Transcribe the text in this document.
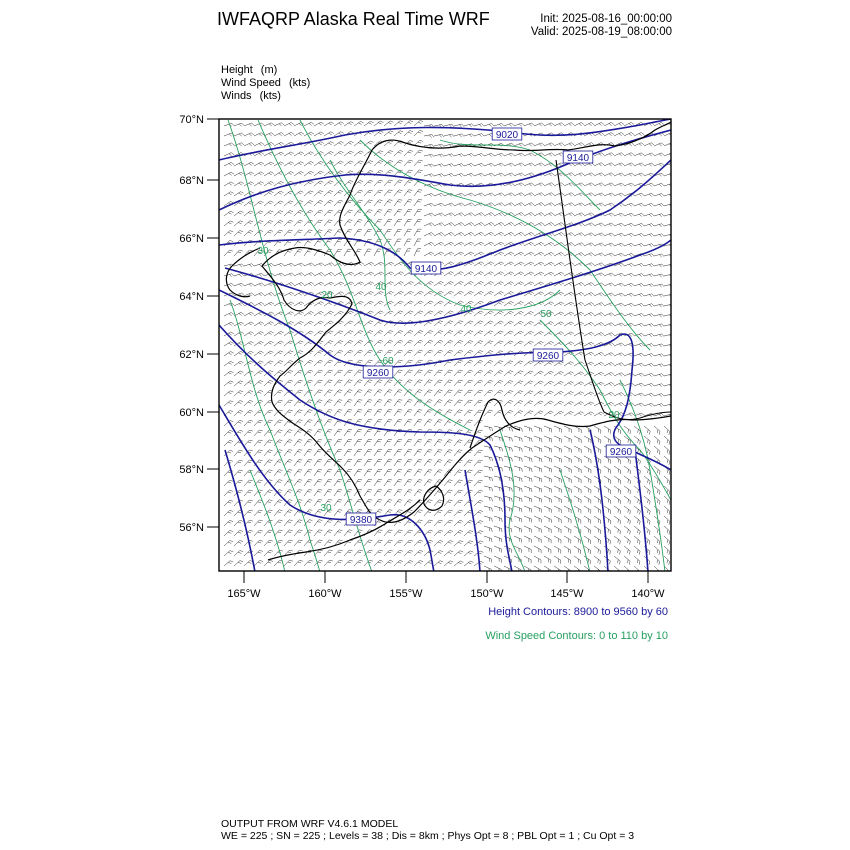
IWFAQRP Alaska Real Time WRF	Init: 2025-08-16_00:00:00
Valid: 2025-08-19_08:00:00
Height (m)
Wind Speed (kts)
Winds (kts)
9020
9140
9140
9260
9260
9260
9380
40
40
60
50
30
20
20
30
70°N
68°N
66°N
64°N
62°N
60°N
58°N
56°N
165°W	160°W	155°W	150°W	145°W	140°W
Height Contours: 8900 to 9560 by 60
Wind Speed Contours: 0 to 110 by 10
OUTPUT FROM WRF V4.6.1 MODEL
WE = 225 ; SN = 225 ; Levels = 38 ; Dis = 8km ; Phys Opt = 8 ; PBL Opt = 1 ; Cu Opt = 3
